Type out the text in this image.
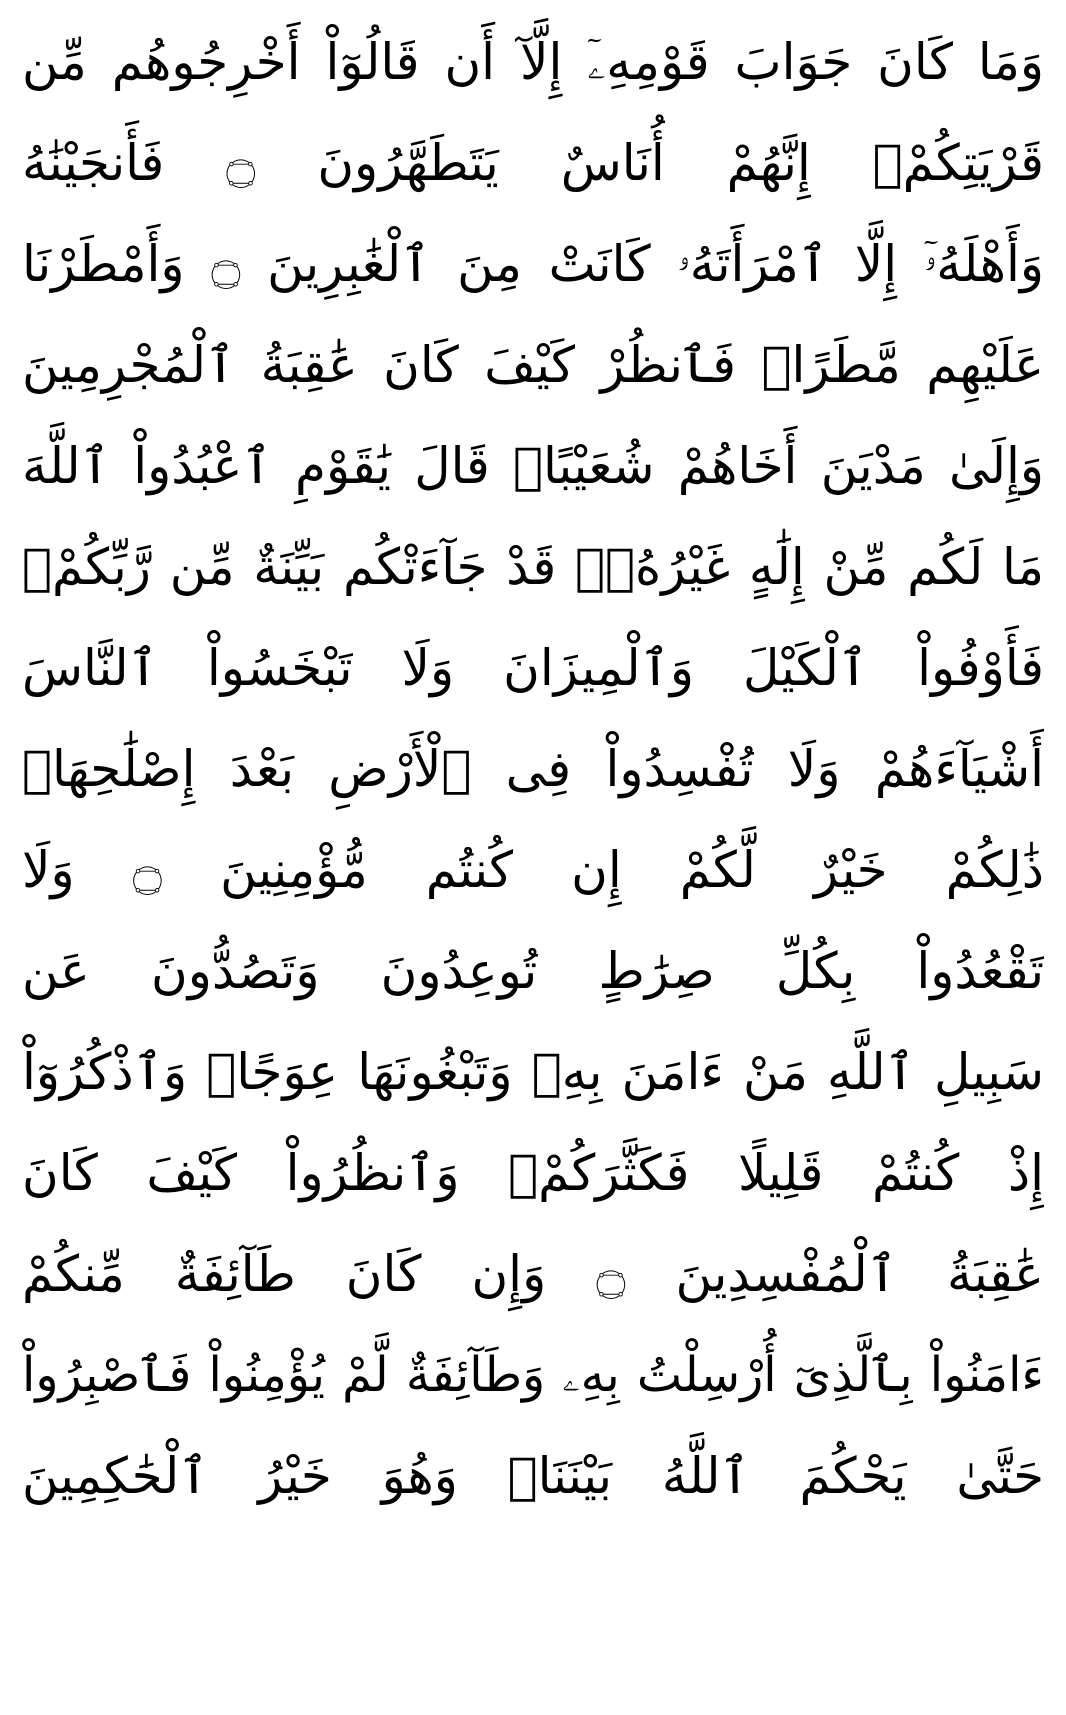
وَمَا كَانَ جَوَابَ قَوْمِهِۦٓ إِلَّآ أَن قَالُوٓاْ أَخْرِجُوهُم مِّن
قَرْيَتِكُمْۖ إِنَّهُمْ أُنَاسٌ يَتَطَهَّرُونَ ۝ فَأَنجَيْنَٰهُ
وَأَهْلَهُۥٓ إِلَّا ٱمْرَأَتَهُۥ كَانَتْ مِنَ ٱلْغَٰبِرِينَ ۝ وَأَمْطَرْنَا
عَلَيْهِم مَّطَرًاۖ فَٱنظُرْ كَيْفَ كَانَ عَٰقِبَةُ ٱلْمُجْرِمِينَ
وَإِلَىٰ مَدْيَنَ أَخَاهُمْ شُعَيْبًاۗ قَالَ يَٰقَوْمِ ٱعْبُدُواْ ٱللَّهَ
مَا لَكُم مِّنْ إِلَٰهٍ غَيْرُهُۥۖ قَدْ جَآءَتْكُم بَيِّنَةٌ مِّن رَّبِّكُمْۖ
فَأَوْفُواْ ٱلْكَيْلَ وَٱلْمِيزَانَ وَلَا تَبْخَسُواْ ٱلنَّاسَ
أَشْيَآءَهُمْ وَلَا تُفْسِدُواْ فِى ٱلْأَرْضِ بَعْدَ إِصْلَٰحِهَاۚ
ذَٰلِكُمْ خَيْرٌ لَّكُمْ إِن كُنتُم مُّؤْمِنِينَ ۝ وَلَا
تَقْعُدُواْ بِكُلِّ صِرَٰطٍ تُوعِدُونَ وَتَصُدُّونَ عَن
سَبِيلِ ٱللَّهِ مَنْ ءَامَنَ بِهِۦ وَتَبْغُونَهَا عِوَجًاۚ وَٱذْكُرُوٓاْ
إِذْ كُنتُمْ قَلِيلًا فَكَثَّرَكُمْۖ وَٱنظُرُواْ كَيْفَ كَانَ
عَٰقِبَةُ ٱلْمُفْسِدِينَ ۝ وَإِن كَانَ طَآئِفَةٌ مِّنكُمْ
ءَامَنُواْ بِٱلَّذِىٓ أُرْسِلْتُ بِهِۦ وَطَآئِفَةٌ لَّمْ يُؤْمِنُواْ فَٱصْبِرُواْ
حَتَّىٰ يَحْكُمَ ٱللَّهُ بَيْنَنَاۚ وَهُوَ خَيْرُ ٱلْحَٰكِمِينَ
